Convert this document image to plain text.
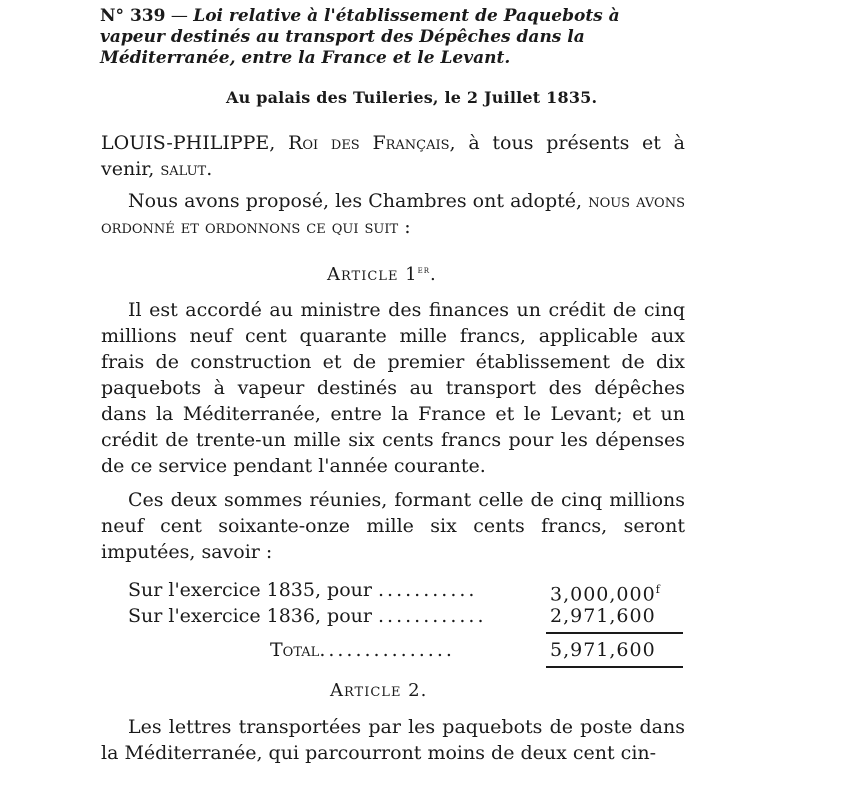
N° 339 — Loi relative à l'établissement de Paquebots à vapeur destinés au transport des Dépêches dans la Méditerranée, entre la France et le Levant.
Au palais des Tuileries, le 2 Juillet 1835.
LOUIS-PHILIPPE, Roi des Français, à tous présents et à venir, salut.
Nous avons proposé, les Chambres ont adopté, nous avons ordonné et ordonnons ce qui suit :
Article 1er.
Il est accordé au ministre des finances un crédit de cinq millions neuf cent quarante mille francs, applicable aux frais de construction et de premier établissement de dix paquebots à vapeur destinés au transport des dépêches dans la Méditerranée, entre la France et le Levant; et un crédit de trente-un mille six cents francs pour les dépenses de ce service pendant l'année courante.
Ces deux sommes réunies, formant celle de cinq millions neuf cent soixante-onze mille six cents francs, seront imputées, savoir :
Sur l'exercice 1835, pour ...........	3,000,000$^f$
Sur l'exercice 1836, pour ............	2,971,600
Total...............	5,971,600
Article 2.
Les lettres transportées par les paquebots de poste dans la Méditerranée, qui parcourront moins de deux cent cin-
